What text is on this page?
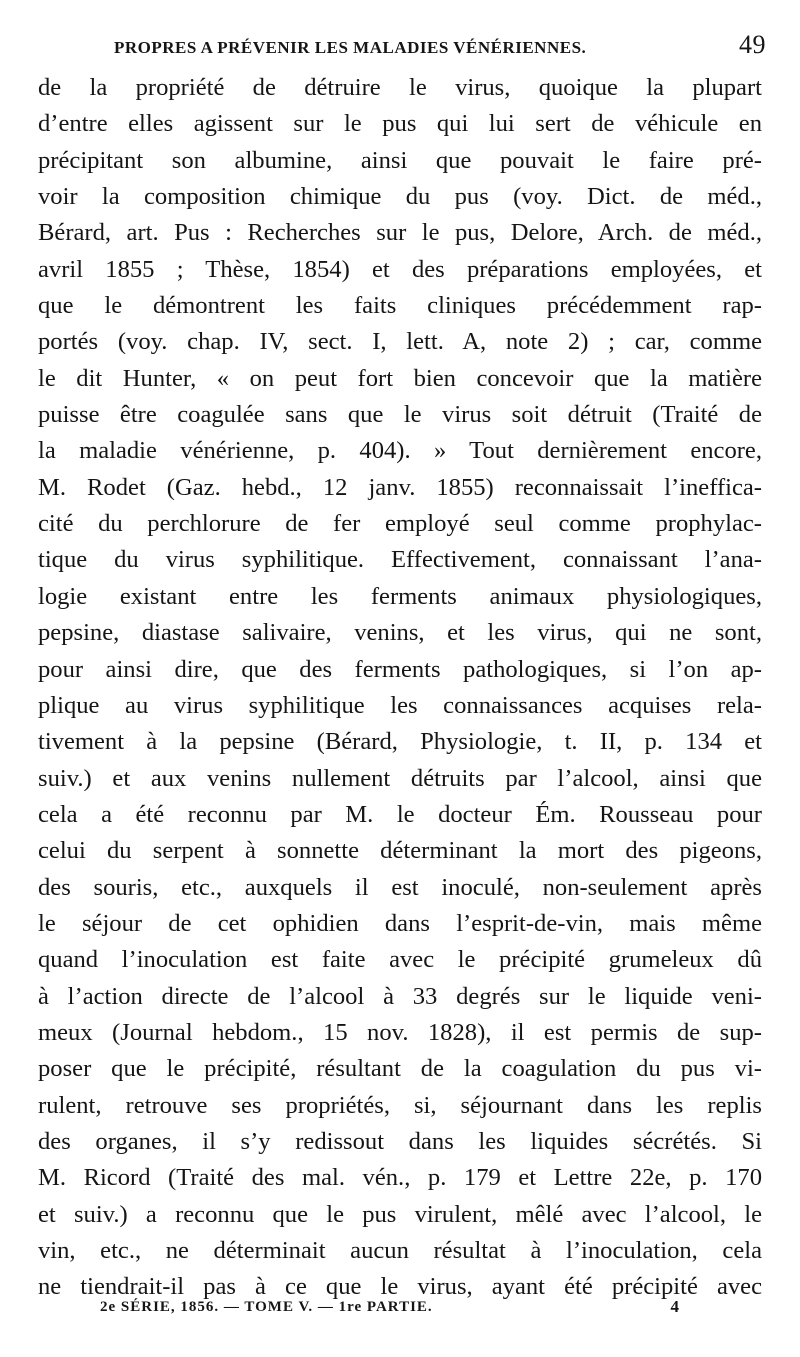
PROPRES A PRÉVENIR LES MALADIES VÉNÉRIENNES.	49
de la propriété de détruire le virus, quoique la plupart
d’entre elles agissent sur le pus qui lui sert de véhicule en
précipitant son albumine, ainsi que pouvait le faire pré-
voir la composition chimique du pus (voy. Dict. de méd.,
Bérard, art. Pus : Recherches sur le pus, Delore, Arch. de méd.,
avril 1855 ; Thèse, 1854) et des préparations employées, et
que le démontrent les faits cliniques précédemment rap-
portés (voy. chap. IV, sect. I, lett. A, note 2) ; car, comme
le dit Hunter, « on peut fort bien concevoir que la matière
puisse être coagulée sans que le virus soit détruit (Traité de
la maladie vénérienne, p. 404). » Tout dernièrement encore,
M. Rodet (Gaz. hebd., 12 janv. 1855) reconnaissait l’ineffica-
cité du perchlorure de fer employé seul comme prophylac-
tique du virus syphilitique. Effectivement, connaissant l’ana-
logie existant entre les ferments animaux physiologiques,
pepsine, diastase salivaire, venins, et les virus, qui ne sont,
pour ainsi dire, que des ferments pathologiques, si l’on ap-
plique au virus syphilitique les connaissances acquises rela-
tivement à la pepsine (Bérard, Physiologie, t. II, p. 134 et
suiv.) et aux venins nullement détruits par l’alcool, ainsi que
cela a été reconnu par M. le docteur Ém. Rousseau pour
celui du serpent à sonnette déterminant la mort des pigeons,
des souris, etc., auxquels il est inoculé, non-seulement après
le séjour de cet ophidien dans l’esprit-de-vin, mais même
quand l’inoculation est faite avec le précipité grumeleux dû
à l’action directe de l’alcool à 33 degrés sur le liquide veni-
meux (Journal hebdom., 15 nov. 1828), il est permis de sup-
poser que le précipité, résultant de la coagulation du pus vi-
rulent, retrouve ses propriétés, si, séjournant dans les replis
des organes, il s’y redissout dans les liquides sécrétés. Si
M. Ricord (Traité des mal. vén., p. 179 et Lettre 22e, p. 170
et suiv.) a reconnu que le pus virulent, mêlé avec l’alcool, le
vin, etc., ne déterminait aucun résultat à l’inoculation, cela
ne tiendrait-il pas à ce que le virus, ayant été précipité avec
2e SÉRIE, 1856. — TOME V. — 1re PARTIE.	4
